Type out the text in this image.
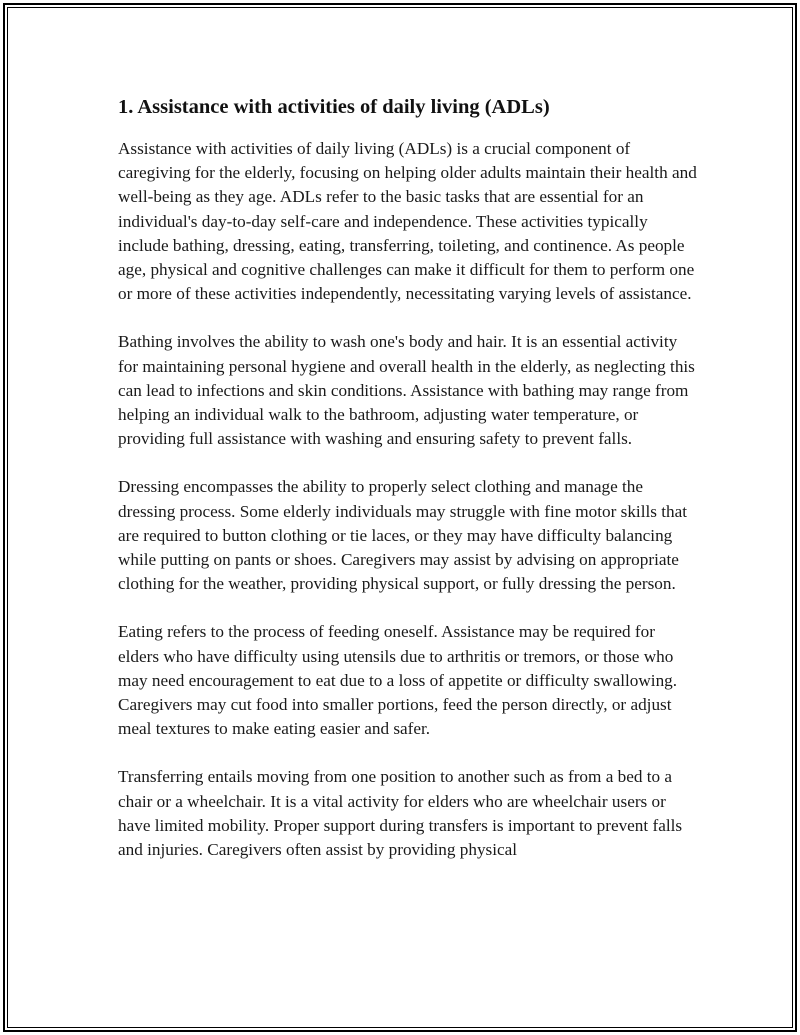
1. Assistance with activities of daily living (ADLs)

Assistance with activities of daily living (ADLs) is a crucial component of caregiving for the elderly, focusing on helping older adults maintain their health and well-being as they age. ADLs refer to the basic tasks that are essential for an individual's day-to-day self-care and independence. These activities typically include bathing, dressing, eating, transferring, toileting, and continence. As people age, physical and cognitive challenges can make it difficult for them to perform one or more of these activities independently, necessitating varying levels of assistance.

Bathing involves the ability to wash one's body and hair. It is an essential activity for maintaining personal hygiene and overall health in the elderly, as neglecting this can lead to infections and skin conditions. Assistance with bathing may range from helping an individual walk to the bathroom, adjusting water temperature, or providing full assistance with washing and ensuring safety to prevent falls.

Dressing encompasses the ability to properly select clothing and manage the dressing process. Some elderly individuals may struggle with fine motor skills that are required to button clothing or tie laces, or they may have difficulty balancing while putting on pants or shoes. Caregivers may assist by advising on appropriate clothing for the weather, providing physical support, or fully dressing the person.

Eating refers to the process of feeding oneself. Assistance may be required for elders who have difficulty using utensils due to arthritis or tremors, or those who may need encouragement to eat due to a loss of appetite or difficulty swallowing. Caregivers may cut food into smaller portions, feed the person directly, or adjust meal textures to make eating easier and safer.

Transferring entails moving from one position to another such as from a bed to a chair or a wheelchair. It is a vital activity for elders who are wheelchair users or have limited mobility. Proper support during transfers is important to prevent falls and injuries. Caregivers often assist by providing physical
